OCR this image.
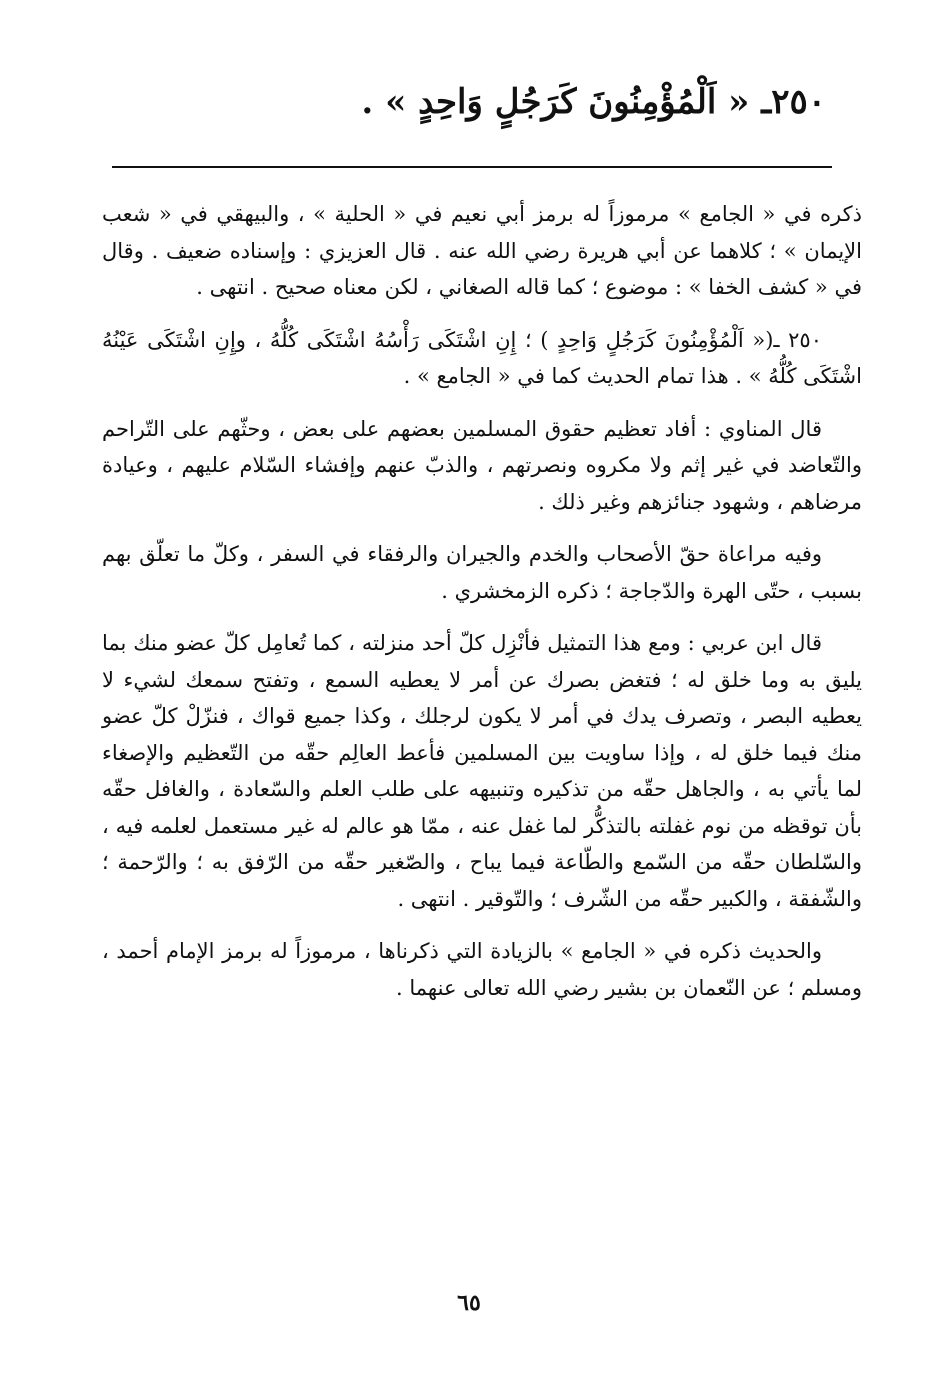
٢٥٠ـ « اَلْمُؤْمِنُونَ كَرَجُلٍ وَاحِدٍ » .

ذكره في « الجامع » مرموزاً له برمز أبي نعيم في « الحلية » ، والبيهقي في « شعب الإيمان » ؛ كلاهما عن أبي هريرة رضي الله عنه . قال العزيزي : وإسناده ضعيف . وقال في « كشف الخفا » : موضوع ؛ كما قاله الصغاني ، لكن معناه صحيح . انتهى .

٢٥٠ ـ(« اَلْمُؤْمِنُونَ كَرَجُلٍ وَاحِدٍ ) ؛ إِنِ اشْتَكَى رَأْسُهُ اشْتَكَى كُلُّهُ ، وإِنِ اشْتَكَى عَيْنُهُ اشْتَكَى كُلُّهُ » . هذا تمام الحديث كما في « الجامع » .

قال المناوي : أفاد تعظيم حقوق المسلمين بعضهم على بعض ، وحثّهم على التّراحم والتّعاضد في غير إثم ولا مكروه ونصرتهم ، والذبّ عنهم وإفشاء السّلام عليهم ، وعيادة مرضاهم ، وشهود جنائزهم وغير ذلك .

وفيه مراعاة حقّ الأصحاب والخدم والجيران والرفقاء في السفر ، وكلّ ما تعلّق بهم بسبب ، حتّى الهرة والدّجاجة ؛ ذكره الزمخشري .

قال ابن عربي : ومع هذا التمثيل فأنْزِل كلّ أحد منزلته ، كما تُعامِل كلّ عضو منك بما يليق به وما خلق له ؛ فتغض بصرك عن أمر لا يعطيه السمع ، وتفتح سمعك لشيء لا يعطيه البصر ، وتصرف يدك في أمر لا يكون لرجلك ، وكذا جميع قواك ، فنزّلْ كلّ عضو منك فيما خلق له ، وإذا ساويت بين المسلمين فأعط العالِم حقّه من التّعظيم والإصغاء لما يأتي به ، والجاهل حقّه من تذكيره وتنبيهه على طلب العلم والسّعادة ، والغافل حقّه بأن توقظه من نوم غفلته بالتذكُّر لما غفل عنه ، ممّا هو عالم له غير مستعمل لعلمه فيه ، والسّلطان حقّه من السّمع والطّاعة فيما يباح ، والصّغير حقّه من الرّفق به ؛ والرّحمة ؛ والشّفقة ، والكبير حقّه من الشّرف ؛ والتّوقير . انتهى .

والحديث ذكره في « الجامع » بالزيادة التي ذكرناها ، مرموزاً له برمز الإمام أحمد ، ومسلم ؛ عن النّعمان بن بشير رضي الله تعالى عنهما .

٦٥
